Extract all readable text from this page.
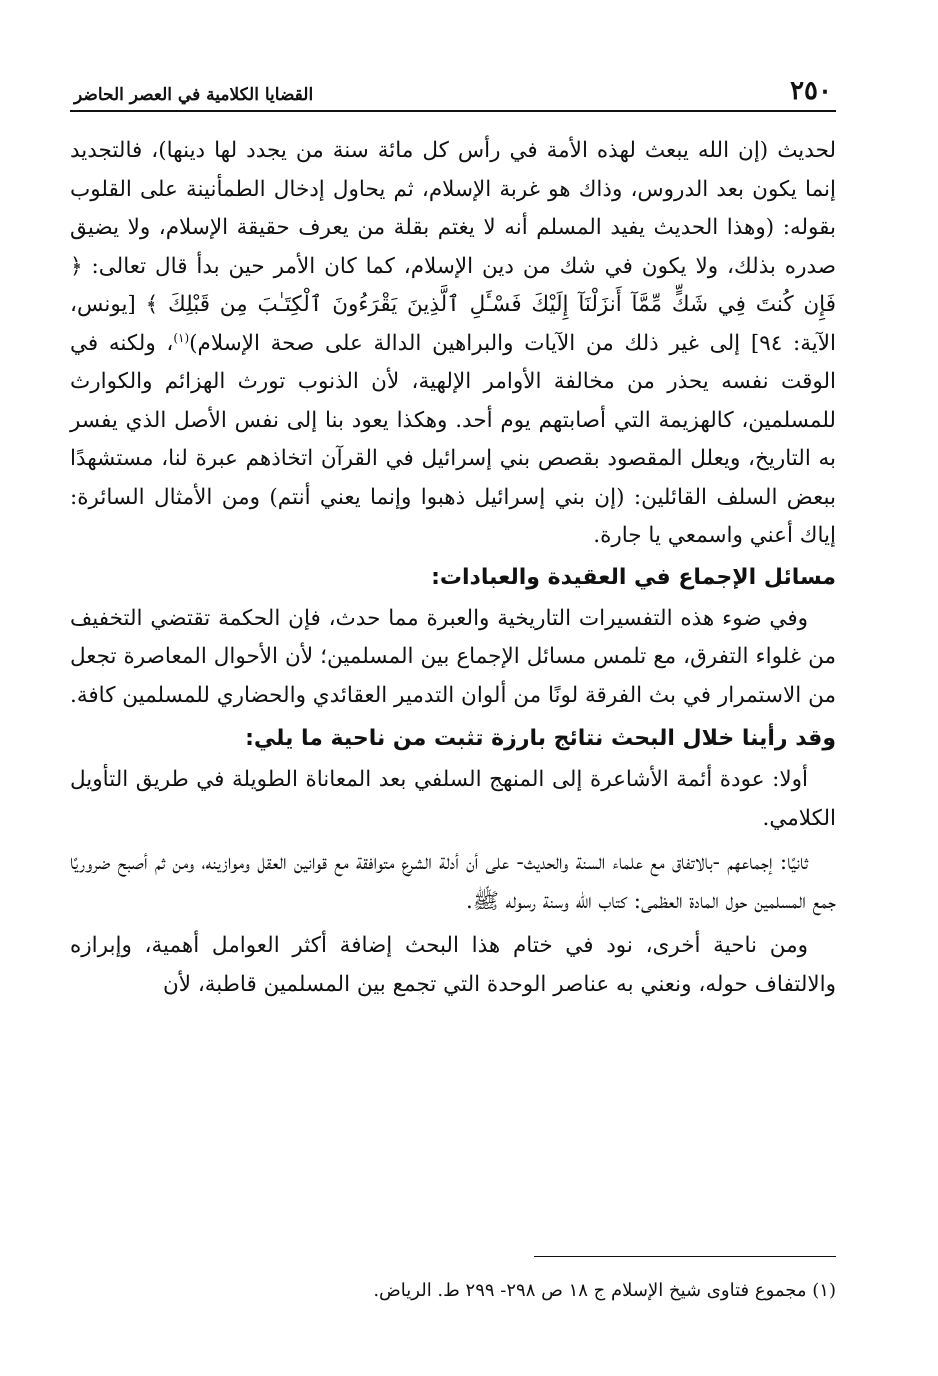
٢٥٠
القضايا الكلامية في العصر الحاضر

لحديث (إن الله يبعث لهذه الأمة في رأس كل مائة سنة من يجدد لها دينها)، فالتجديد إنما يكون بعد الدروس، وذاك هو غربة الإسلام، ثم يحاول إدخال الطمأنينة على القلوب بقوله: (وهذا الحديث يفيد المسلم أنه لا يغتم بقلة من يعرف حقيقة الإسلام، ولا يضيق صدره بذلك، ولا يكون في شك من دين الإسلام، كما كان الأمر حين بدأ قال تعالى: ﴿ فَإِن كُنتَ فِي شَكٍّ مِّمَّآ أَنزَلْنَآ إِلَيْكَ فَسْـَٔلِ ٱلَّذِينَ يَقْرَءُونَ ٱلْكِتَـٰبَ مِن قَبْلِكَ ﴾ [يونس، الآية: ٩٤] إلى غير ذلك من الآيات والبراهين الدالة على صحة الإسلام)$^{(١)}$، ولكنه في الوقت نفسه يحذر من مخالفة الأوامر الإلهية، لأن الذنوب تورث الهزائم والكوارث للمسلمين، كالهزيمة التي أصابتهم يوم أحد. وهكذا يعود بنا إلى نفس الأصل الذي يفسر به التاريخ، ويعلل المقصود بقصص بني إسرائيل في القرآن اتخاذهم عبرة لنا، مستشهدًا ببعض السلف القائلين: (إن بني إسرائيل ذهبوا وإنما يعني أنتم) ومن الأمثال السائرة: إياك أعني واسمعي يا جارة.

مسائل الإجماع في العقيدة والعبادات:

وفي ضوء هذه التفسيرات التاريخية والعبرة مما حدث، فإن الحكمة تقتضي التخفيف من غلواء التفرق، مع تلمس مسائل الإجماع بين المسلمين؛ لأن الأحوال المعاصرة تجعل من الاستمرار في بث الفرقة لونًا من ألوان التدمير العقائدي والحضاري للمسلمين كافة.

وقد رأينا خلال البحث نتائج بارزة تثبت من ناحية ما يلي:

أولا: عودة أئمة الأشاعرة إلى المنهج السلفي بعد المعاناة الطويلة في طريق التأويل الكلامي.

ثانيًا: إجماعهم -بالاتفاق مع علماء السنة والحديث- على أن أدلة الشرع متوافقة مع قوانين العقل وموازينه، ومن ثم أصبح ضروريًا جمع المسلمين حول المادة العظمى: كتاب الله وسنة رسوله ﷺ.

ومن ناحية أخرى، نود في ختام هذا البحث إضافة أكثر العوامل أهمية، وإبرازه والالتفاف حوله، ونعني به عناصر الوحدة التي تجمع بين المسلمين قاطبة، لأن

(١) مجموع فتاوى شيخ الإسلام ج ١٨ ص ٢٩٨- ٢٩٩ ط. الرياض.
